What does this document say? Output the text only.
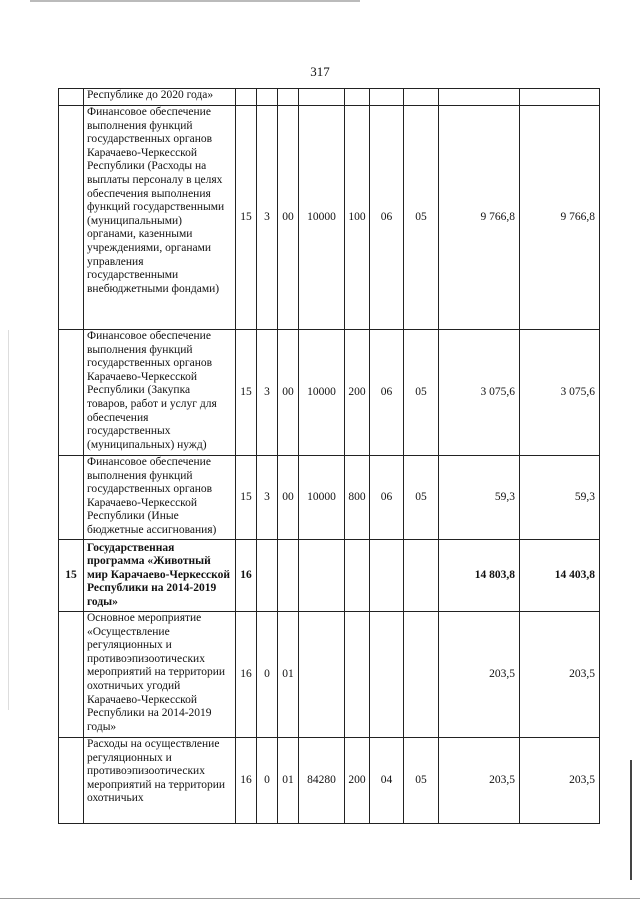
317
	Республике до 2020 года»									
	Финансовое обеспечение выполнения функций государственных органов Карачаево-Черкесской Республики (Расходы на выплаты персоналу в целях обеспечения выполнения функций государственными (муниципальными) органами, казенными учреждениями, органами управления государственными внебюджетными фондами)	15	3	00	10000	100	06	05	9 766,8	9 766,8
	Финансовое обеспечение выполнения функций государственных органов Карачаево-Черкесской Республики (Закупка товаров, работ и услуг для обеспечения государственных (муниципальных) нужд)	15	3	00	10000	200	06	05	3 075,6	3 075,6
	Финансовое обеспечение выполнения функций государственных органов Карачаево-Черкесской Республики (Иные бюджетные ассигнования)	15	3	00	10000	800	06	05	59,3	59,3
15	Государственная программа «Животный мир Карачаево-Черкесской Республики на 2014-2019 годы»	16							14 803,8	14 403,8
	Основное мероприятие «Осуществление регуляционных и противоэпизоотических мероприятий на территории охотничьих угодий Карачаево-Черкесской Республики на 2014-2019 годы»	16	0	01					203,5	203,5
	Расходы на осуществление регуляционных и противоэпизоотических мероприятий на территории охотничьих	16	0	01	84280	200	04	05	203,5	203,5
